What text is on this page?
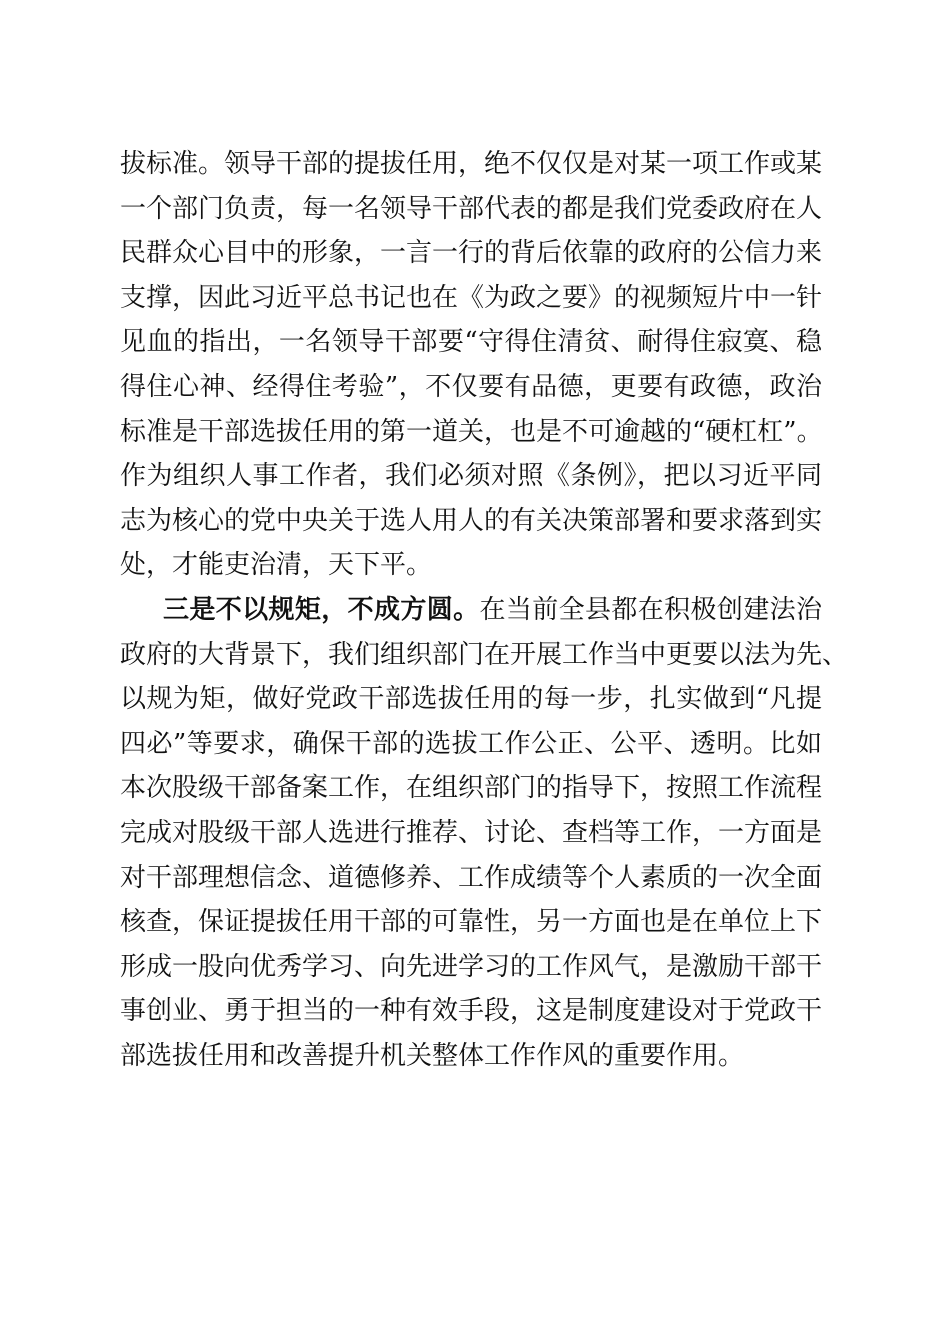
拔标准。领导干部的提拔任用，绝不仅仅是对某一项工作或某
一个部门负责，每一名领导干部代表的都是我们党委政府在人
民群众心目中的形象，一言一行的背后依靠的政府的公信力来
支撑，因此习近平总书记也在《为政之要》的视频短片中一针
见血的指出，一名领导干部要“守得住清贫、耐得住寂寞、稳
得住心神、经得住考验”，不仅要有品德，更要有政德，政治
标准是干部选拔任用的第一道关，也是不可逾越的“硬杠杠”。
作为组织人事工作者，我们必须对照《条例》，把以习近平同
志为核心的党中央关于选人用人的有关决策部署和要求落到实
处，才能吏治清，天下平。
三是不以规矩，不成方圆。在当前全县都在积极创建法治
政府的大背景下，我们组织部门在开展工作当中更要以法为先、
以规为矩，做好党政干部选拔任用的每一步，扎实做到“凡提
四必”等要求，确保干部的选拔工作公正、公平、透明。比如
本次股级干部备案工作，在组织部门的指导下，按照工作流程
完成对股级干部人选进行推荐、讨论、查档等工作，一方面是
对干部理想信念、道德修养、工作成绩等个人素质的一次全面
核查，保证提拔任用干部的可靠性，另一方面也是在单位上下
形成一股向优秀学习、向先进学习的工作风气，是激励干部干
事创业、勇于担当的一种有效手段，这是制度建设对于党政干
部选拔任用和改善提升机关整体工作作风的重要作用。
